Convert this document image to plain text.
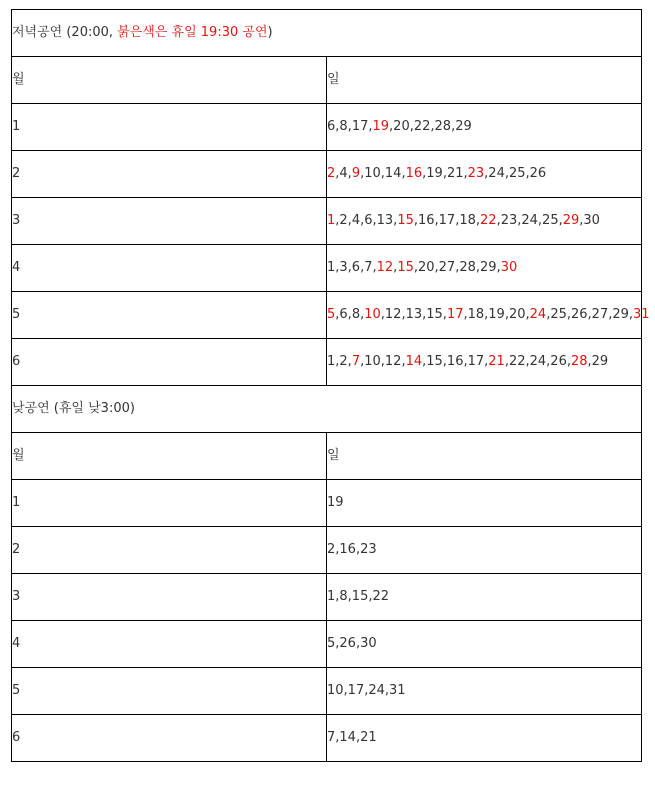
저녁공연 (20:00, 붉은색은 휴일 19:30 공연)	
월	일
1	6,8,17,19,20,22,28,29
2	2,4,9,10,14,16,19,21,23,24,25,26
3	1,2,4,6,13,15,16,17,18,22,23,24,25,29,30
4	1,3,6,7,12,15,20,27,28,29,30
5	5,6,8,10,12,13,15,17,18,19,20,24,25,26,27,29,31
6	1,2,7,10,12,14,15,16,17,21,22,24,26,28,29
낮공연 (휴일 낮3:00)	
월	일
1	19
2	2,16,23
3	1,8,15,22
4	5,26,30
5	10,17,24,31
6	7,14,21
